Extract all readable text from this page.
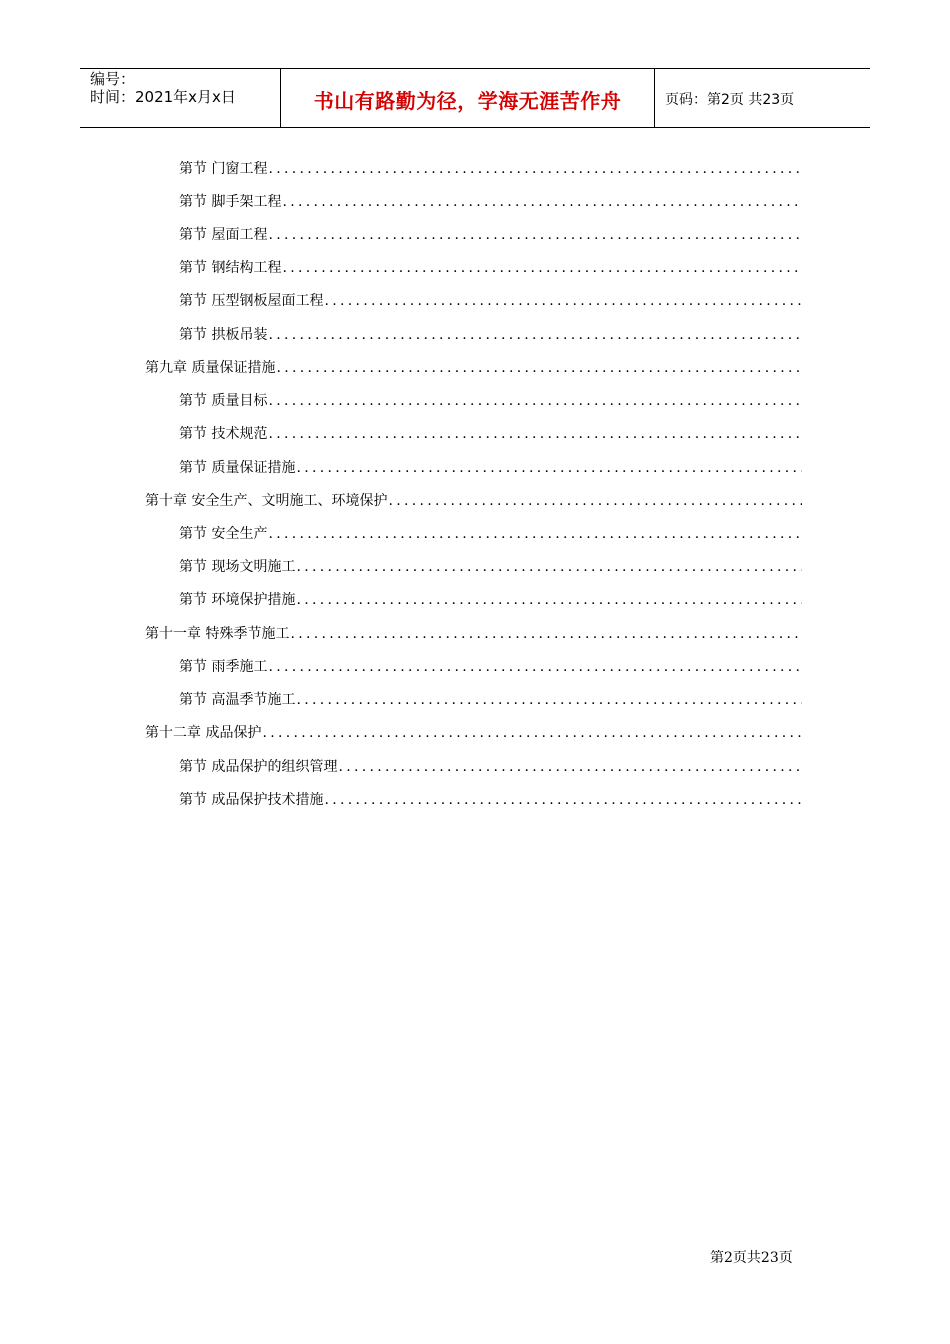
编号：
时间：2021年x月x日	书山有路勤为径，学海无涯苦作舟	页码：第2页 共23页
第节 门窗工程
.....
第节 脚手架工程
.....
第节 屋面工程
.....
第节 钢结构工程
.....
第节 压型钢板屋面工程
.....
第节 拱板吊装
.....
第九章 质量保证措施
.....
第节 质量目标
.....
第节 技术规范
.....
第节 质量保证措施
.....
第十章 安全生产、文明施工、环境保护
.....
第节 安全生产
.....
第节 现场文明施工
.....
第节 环境保护措施
.....
第十一章 特殊季节施工
.....
第节 雨季施工
.....
第节 高温季节施工
.....
第十二章 成品保护
.....
第节 成品保护的组织管理
.....
第节 成品保护技术措施
.....
第2页共23页
